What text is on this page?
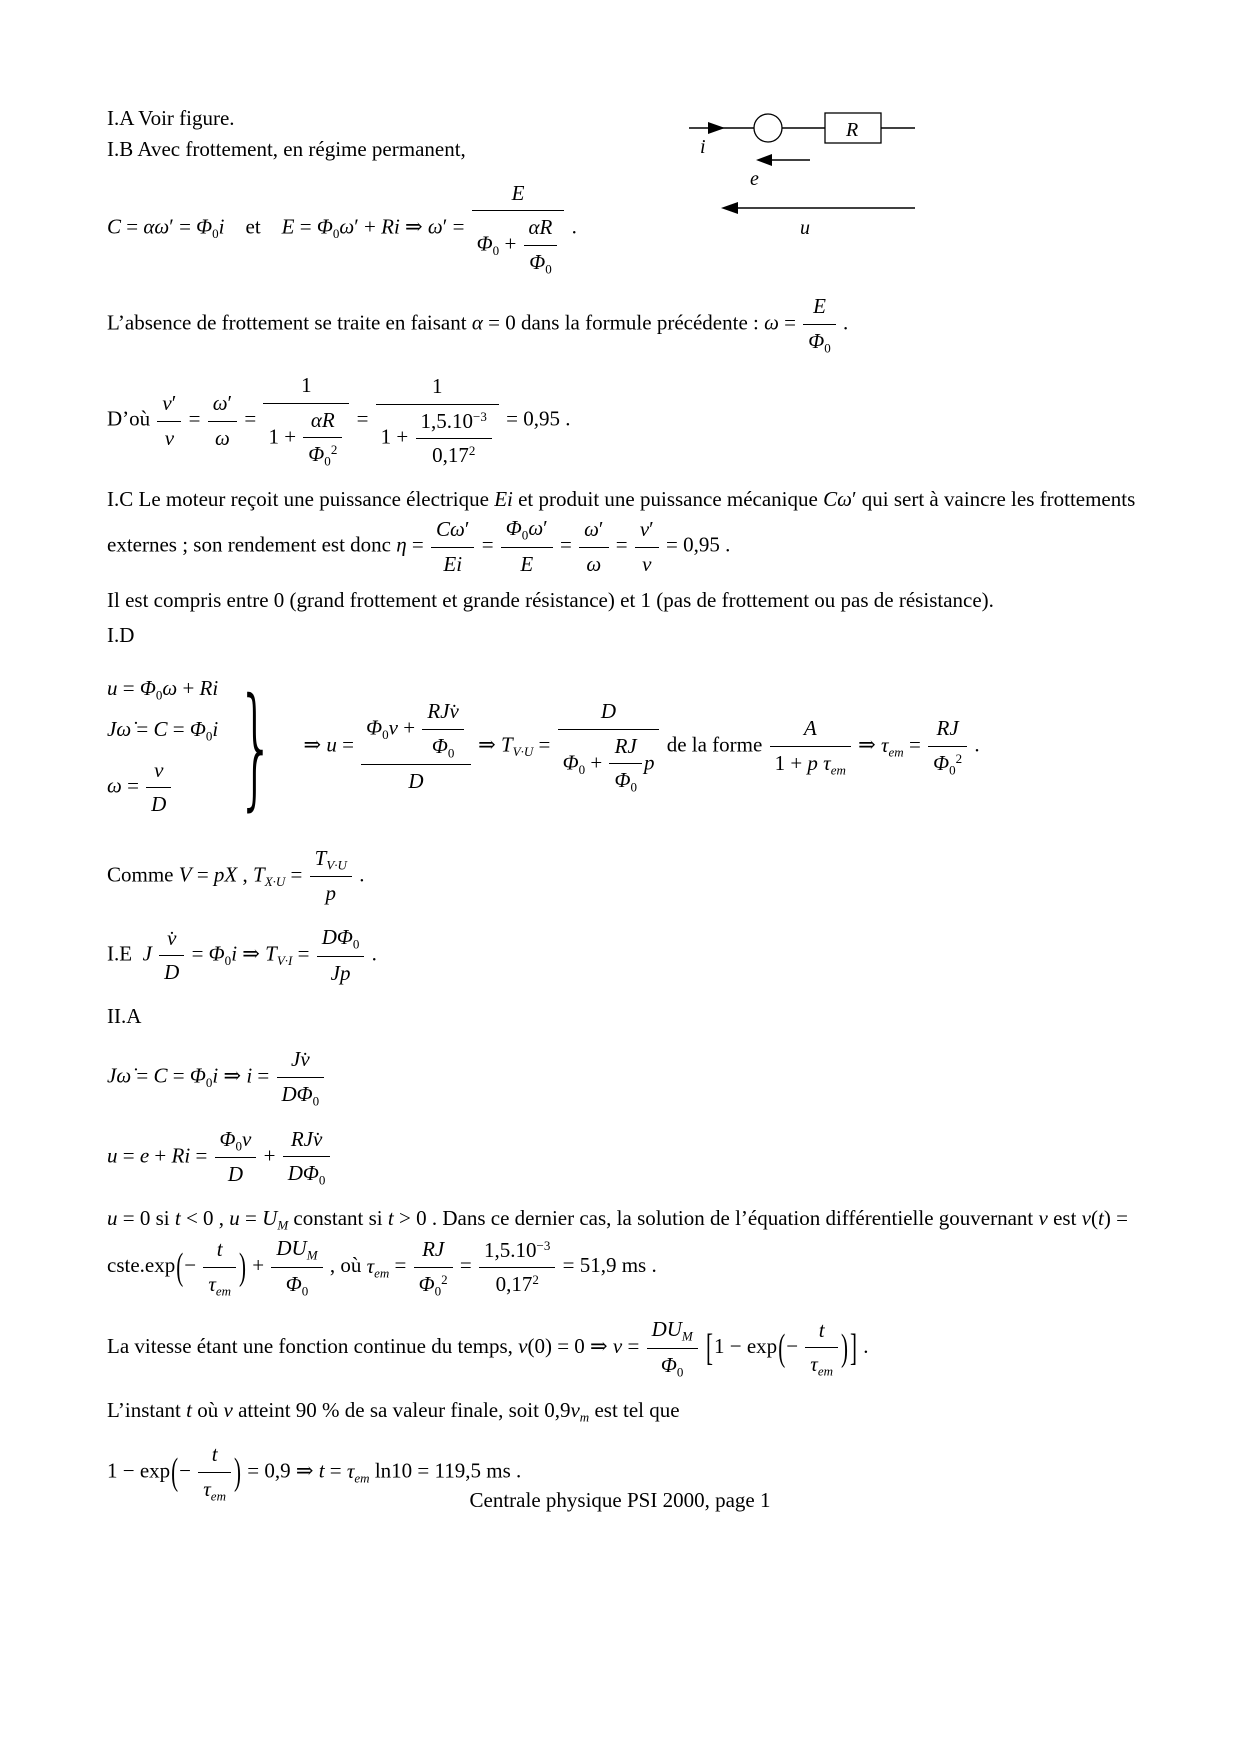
R
i
e
u
I.A Voir figure.
I.B Avec frottement, en régime permanent,
$C = \alpha\omega' = \Phi_0i$    et    $E = \Phi_0\omega' + Ri$ ⇒ ω′ =
E
$\Phi_0 + \frac{\alpha R}{\Phi_0}$ .
L’absence de frottement se traite en faisant α = 0 dans la formule précédente : $\omega = \frac{E}{\Phi_0}$ .
D’où $\frac{v'}{v} = \frac{\omega'}{\omega}$ =
1
$1 + \frac{\alpha R}{\Phi_0^2} = \frac{1}{1 + \frac{1,5.10^{-3}}{0,17^2}} = 0,95$ .
I.C Le moteur reçoit une puissance électrique Ei et produit une puissance mécanique Cω′ qui sert à vaincre les frottements externes ; son rendement est donc $\eta = \frac{C\omega'}{Ei} = \frac{\Phi_0\omega'}{E} = \frac{\omega'}{\omega} = \frac{v'}{v} = 0,95$ .
Il est compris entre 0 (grand frottement et grande résistance) et 1 (pas de frottement ou pas de résistance).
I.D
$u = \Phi_0\omega + Ri$
Jω̇ = $C = \Phi_0i$
$\omega = \frac{v}{D}$ } ⇒ u =
$\Phi_0v$ +
RJv̇
$\Phi_0$
D
⇒ $T_{V\cdot U}$ =
D
$\Phi_0 + \frac{RJ}{\Phi_0}$ p
de la forme
A
1 + p $\tau_{em}$
⇒ $\tau_{em} = \frac{RJ}{\Phi_0^2}$ .
Comme V = pX , $T_{X\cdot U} = \frac{T_{V\cdot U}}{p}$ .
I.E  J $\frac{v̇}{D} = \Phi_0i$ ⇒ $T_{V\cdot I} = \frac{D\Phi_0}{Jp}$ .
II.A
Jω̇ = $C = \Phi_0i$ ⇒ $i = \frac{Jv̇}{D\Phi_0}$
$u = e + Ri = \frac{\Phi_0v}{D}$ +
RJv̇
$D\Phi_0$
u = 0 si t < 0 , $u = U_M$ constant si t > 0 . Dans ce dernier cas, la solution de l’équation différentielle gouvernant v est v(t) = cste.exp(−
t
$\tau_{em}$
) +
$DU_M$
$\Phi_0$
, où $\tau_{em} = \frac{RJ}{\Phi_0^2} = \frac{1,5.10^{-3}}{0,17^2} = 51,9$ ms .
La vitesse étant une fonction continue du temps, v(0) = 0 ⇒ v =
$DU_M$
$\Phi_0$
[1 − exp(−
t
$\tau_{em}$
)] .
L’instant t où v atteint 90 % de sa valeur finale, soit $0,9v_m$ est tel que
1 − exp(−
t
$\tau_{em}$
) = 0,9 ⇒ $t = \tau_{em}$ ln10 = 119,5 ms .
Centrale physique PSI 2000, page 1
